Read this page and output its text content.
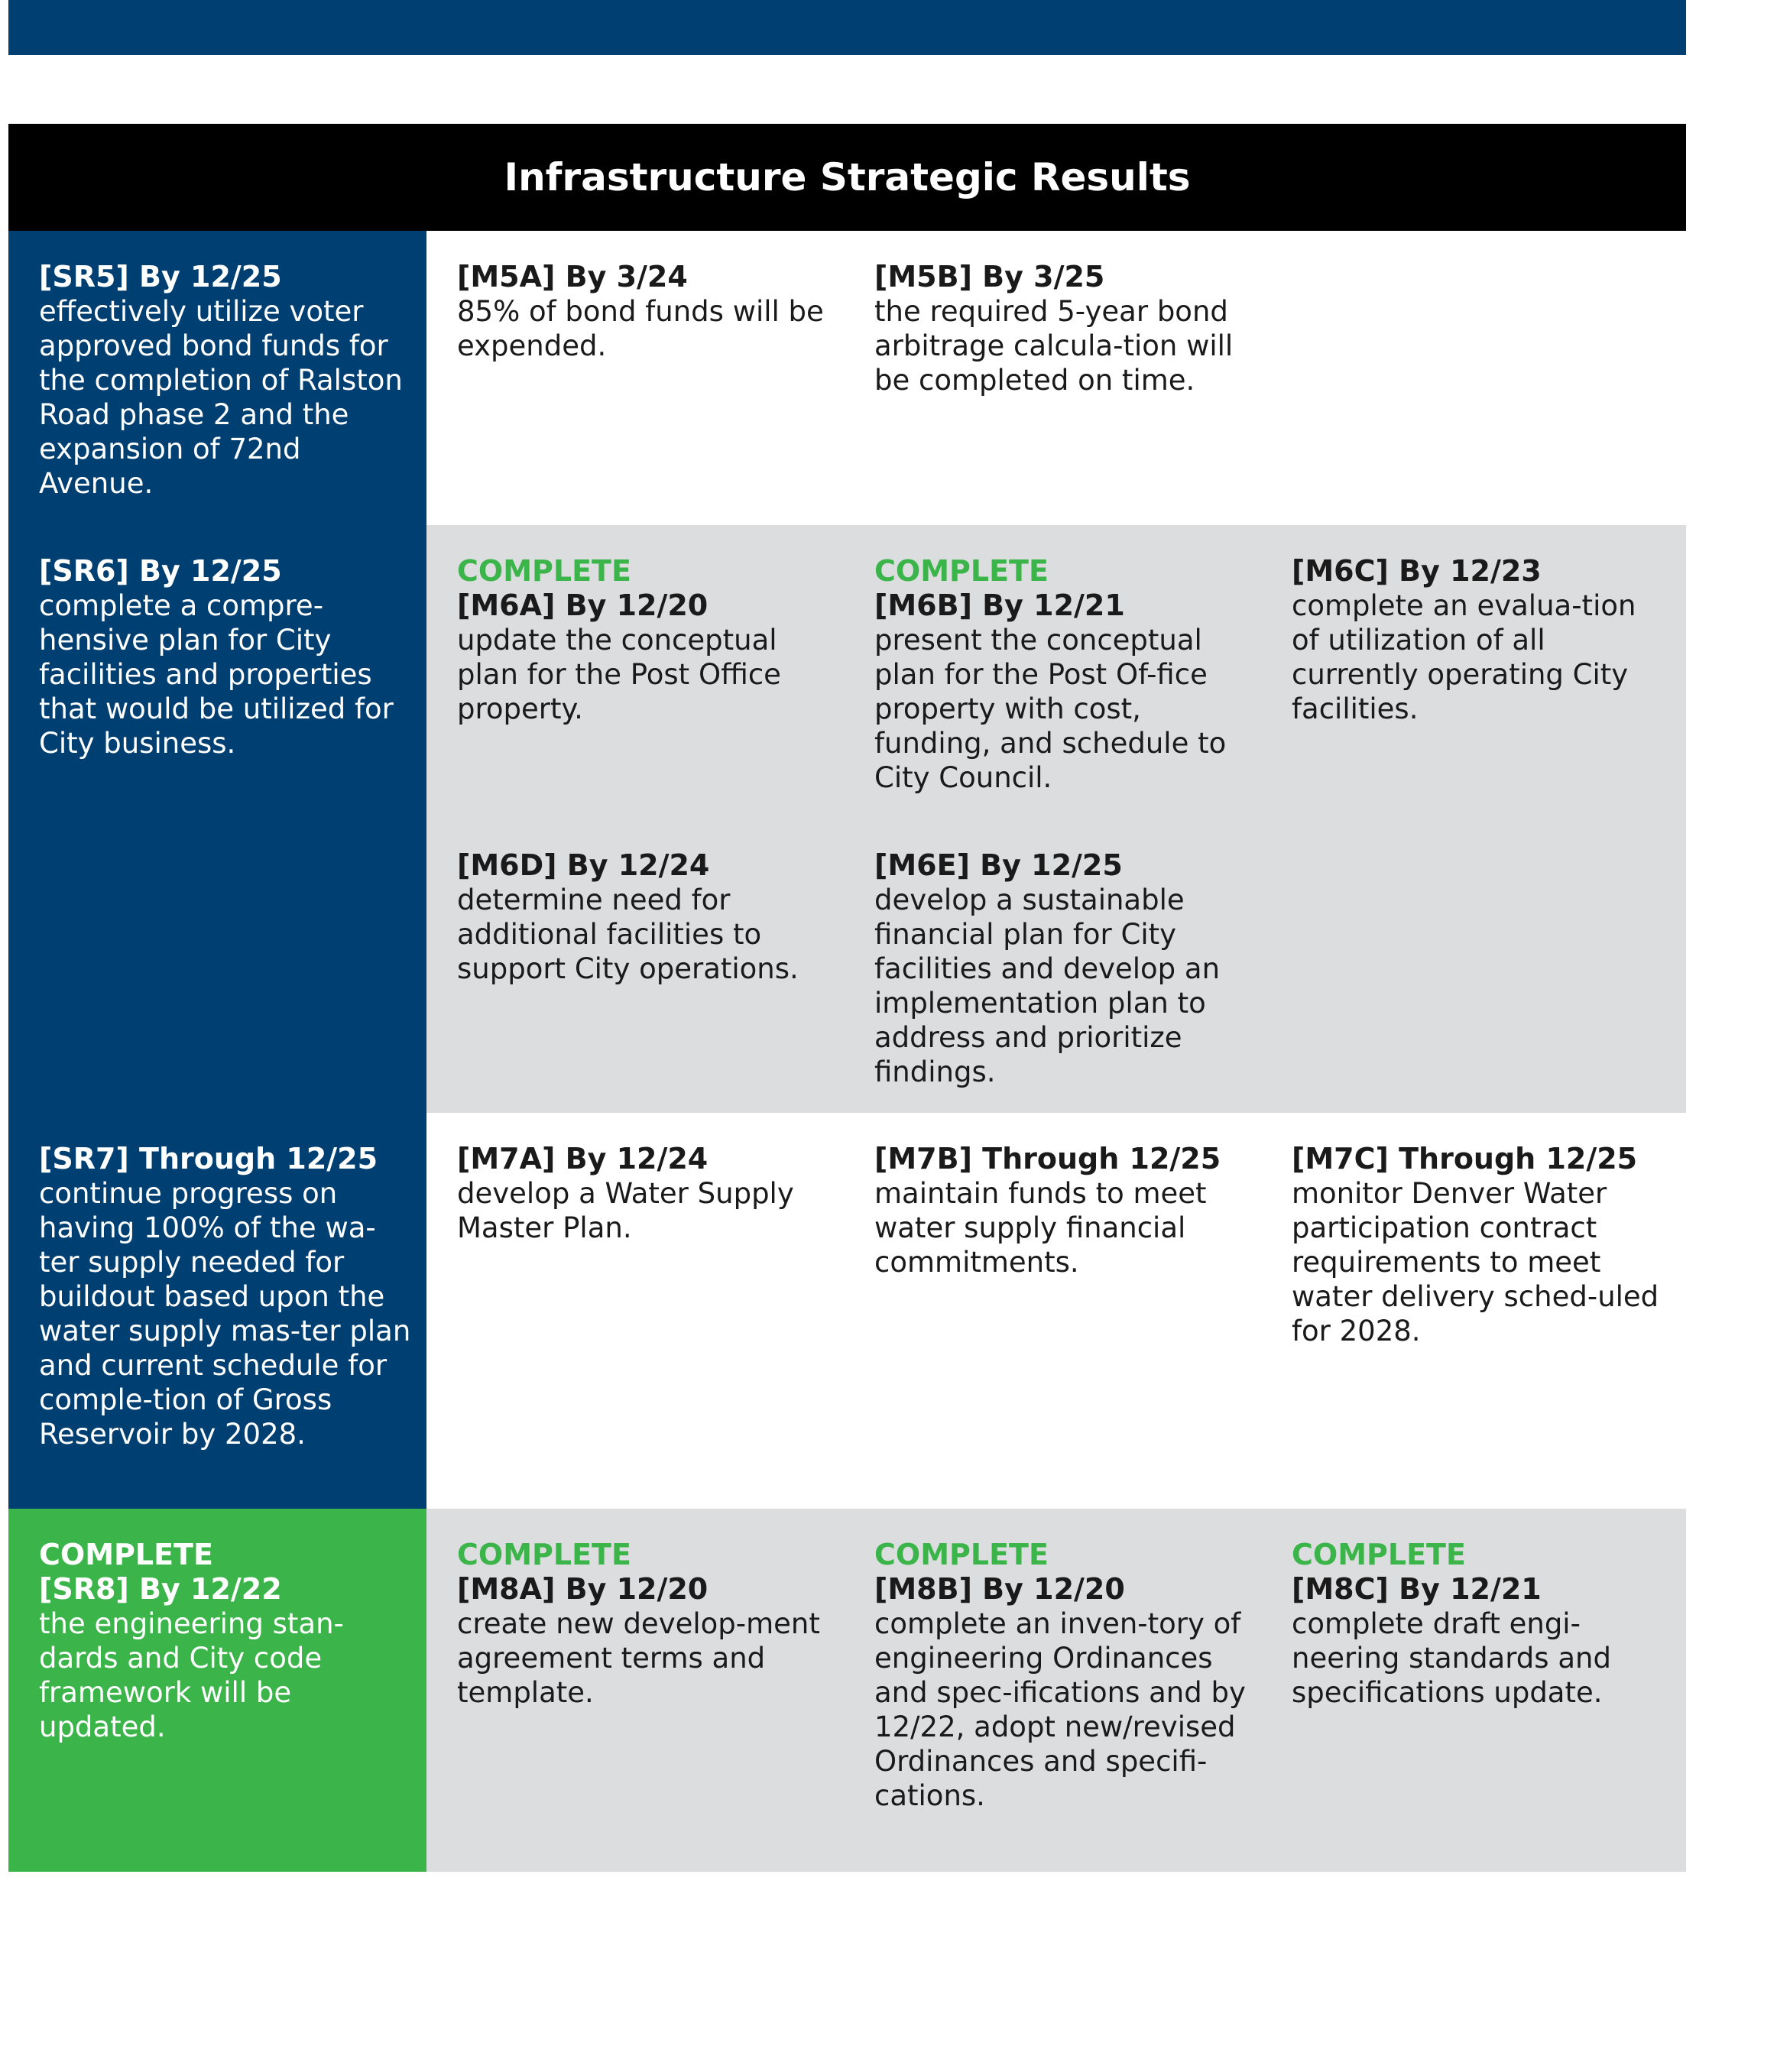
Infrastructure Strategic Results
[SR5] By 12/25
effectively utilize voter approved bond funds for the completion of Ralston Road phase 2 and the expansion of 72nd Avenue.
[M5A] By 3/24
85% of bond funds will be expended.
[M5B] By 3/25
the required 5-year bond arbitrage calcula-tion will be completed on time.
[SR6] By 12/25
complete a compre-hensive plan for City facilities and properties that would be utilized for City business.
COMPLETE
[M6A] By 12/20
update the conceptual plan for the Post Office property.
COMPLETE
[M6B] By 12/21
present the conceptual plan for the Post Of-fice property with cost, funding, and schedule to City Council.
[M6C] By 12/23
complete an evalua-tion of utilization of all currently operating City facilities.
[M6D] By 12/24
determine need for additional facilities to support City operations.
[M6E] By 12/25
develop a sustainable financial plan for City facilities and develop an implementation plan to address and prioritize findings.
[SR7] Through 12/25
continue progress on having 100% of the wa-ter supply needed for buildout based upon the water supply mas-ter plan and current schedule for comple-tion of Gross Reservoir by 2028.
[M7A] By 12/24
develop a Water Supply Master Plan.
[M7B] Through 12/25
maintain funds to meet water supply financial commitments.
[M7C] Through 12/25
monitor Denver Water participation contract requirements to meet water delivery sched-uled for 2028.
COMPLETE
[SR8] By 12/22
the engineering stan-dards and City code framework will be updated.
COMPLETE
[M8A] By 12/20
create new develop-ment agreement terms and template.
COMPLETE
[M8B] By 12/20
complete an inven-tory of engineering Ordinances and spec-ifications and by 12/22, adopt new/revised Ordinances and specifi-cations.
COMPLETE
[M8C] By 12/21
complete draft engi-neering standards and specifications update.
